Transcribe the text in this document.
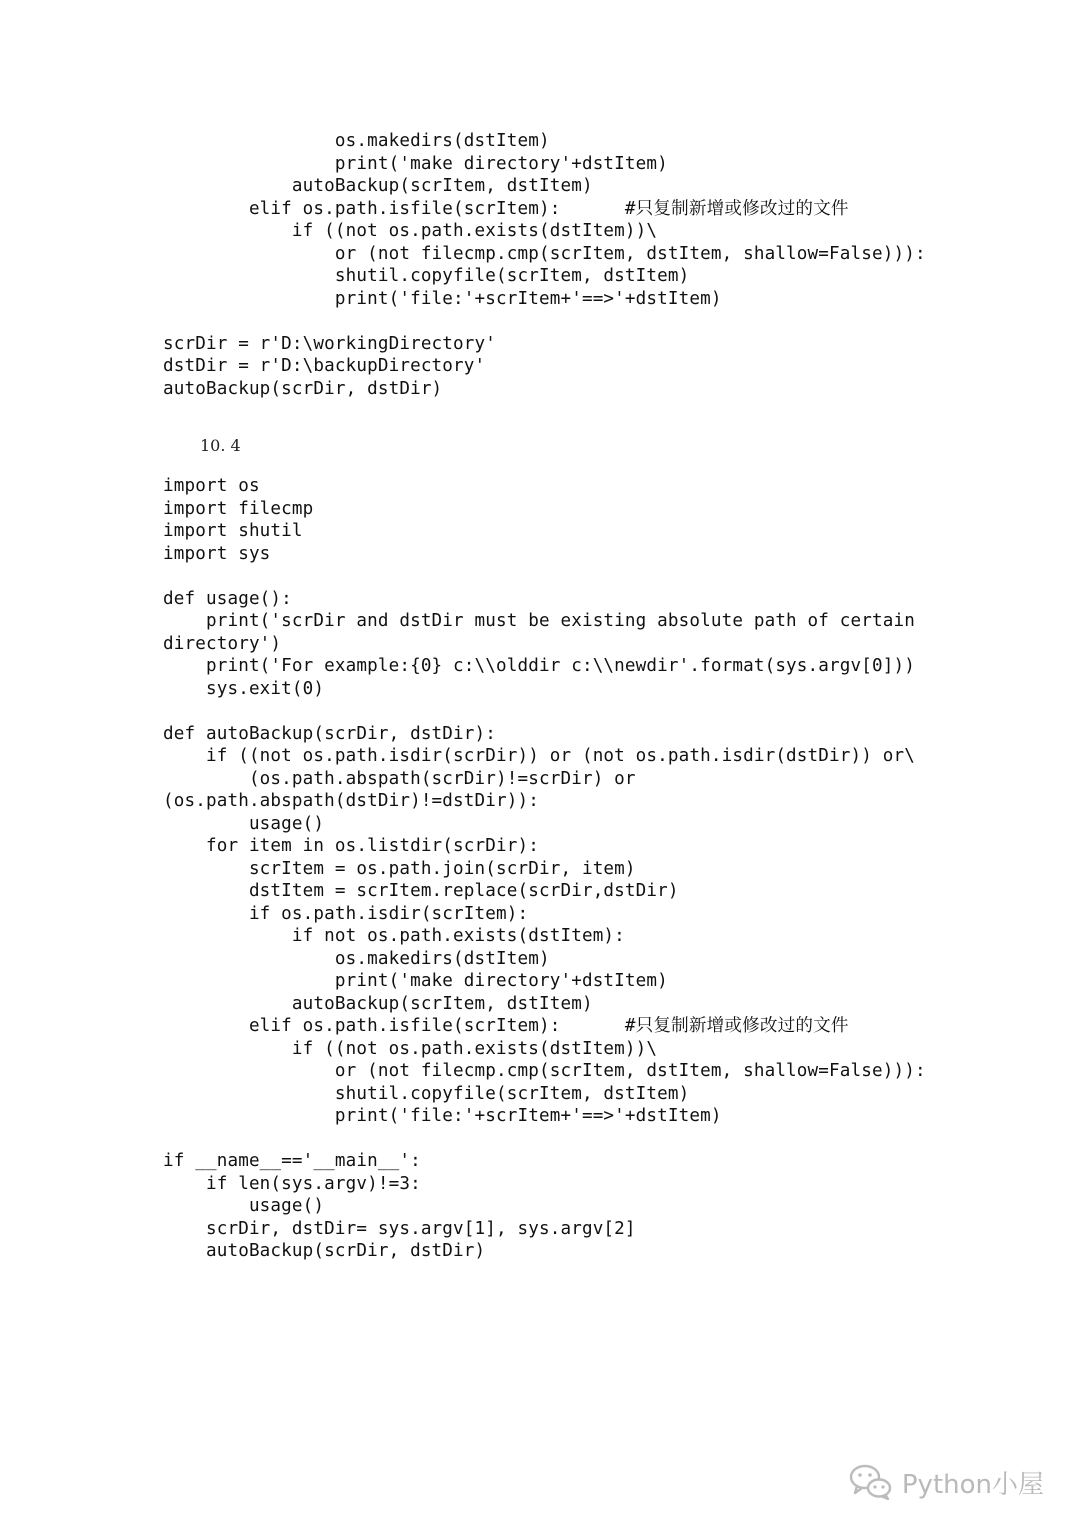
os.makedirs(dstItem)
print('make directory'+dstItem)
autoBackup(scrItem, dstItem)
elif os.path.isfile(scrItem):      #只复制新增或修改过的文件
if ((not os.path.exists(dstItem))\
or (not filecmp.cmp(scrItem, dstItem, shallow=False))):
shutil.copyfile(scrItem, dstItem)
print('file:'+scrItem+'==>'+dstItem)

scrDir = r'D:\workingDirectory'
dstDir = r'D:\backupDirectory'
autoBackup(scrDir, dstDir)
10. 4
import os
import filecmp
import shutil
import sys

def usage():
print('scrDir and dstDir must be existing absolute path of certain
directory')
print('For example:{0} c:\\olddir c:\\newdir'.format(sys.argv[0]))
sys.exit(0)

def autoBackup(scrDir, dstDir):
if ((not os.path.isdir(scrDir)) or (not os.path.isdir(dstDir)) or\
(os.path.abspath(scrDir)!=scrDir) or
(os.path.abspath(dstDir)!=dstDir)):
usage()
for item in os.listdir(scrDir):
scrItem = os.path.join(scrDir, item)
dstItem = scrItem.replace(scrDir,dstDir)
if os.path.isdir(scrItem):
if not os.path.exists(dstItem):
os.makedirs(dstItem)
print('make directory'+dstItem)
autoBackup(scrItem, dstItem)
elif os.path.isfile(scrItem):      #只复制新增或修改过的文件
if ((not os.path.exists(dstItem))\
or (not filecmp.cmp(scrItem, dstItem, shallow=False))):
shutil.copyfile(scrItem, dstItem)
print('file:'+scrItem+'==>'+dstItem)

if __name__=='__main__':
if len(sys.argv)!=3:
usage()
scrDir, dstDir= sys.argv[1], sys.argv[2]
autoBackup(scrDir, dstDir)
Python小屋
